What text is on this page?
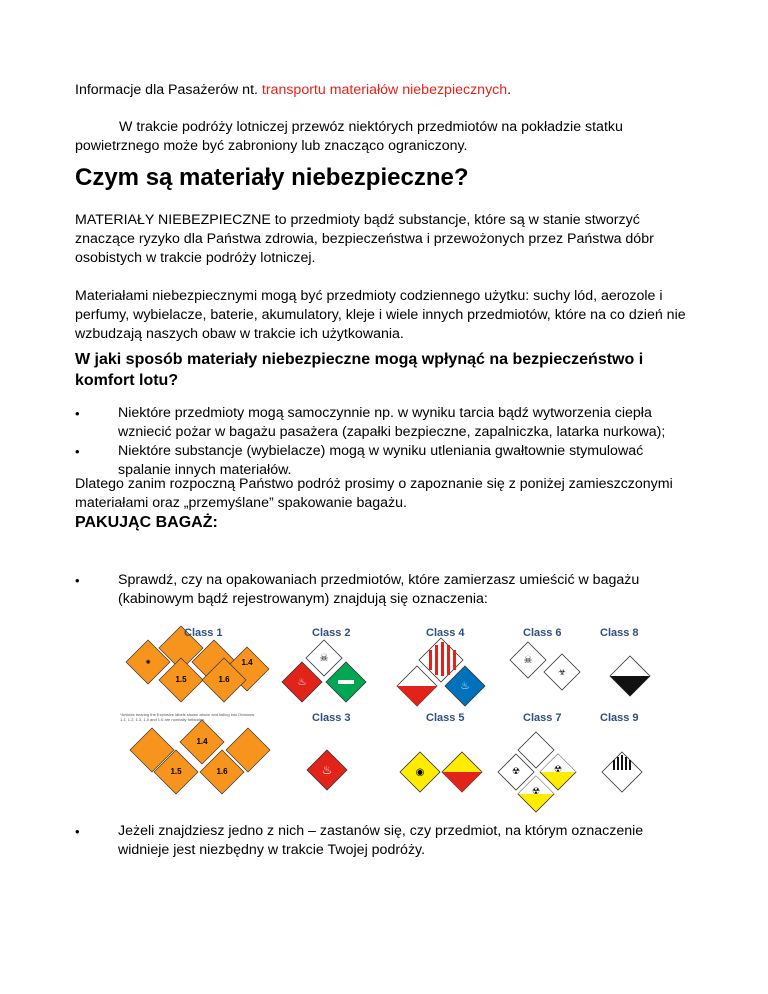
Informacje dla Pasażerów nt. transportu materiałów niebezpiecznych.

W trakcie podróży lotniczej przewóz niektórych przedmiotów na pokładzie statku powietrznego może być zabroniony lub znacząco ograniczony.

Czym są materiały niebezpieczne?

MATERIAŁY NIEBEZPIECZNE to przedmioty bądź substancje, które są w stanie stworzyć znaczące ryzyko dla Państwa zdrowia, bezpieczeństwa i przewożonych przez Państwa dóbr osobistych w trakcie podróży lotniczej.

Materiałami niebezpiecznymi mogą być przedmioty codziennego użytku: suchy lód, aerozole i perfumy, wybielacze, baterie, akumulatory, kleje i wiele innych przedmiotów, które na co dzień nie wzbudzają naszych obaw w trakcie ich użytkowania.

W jaki sposób materiały niebezpieczne mogą wpłynąć na bezpieczeństwo i komfort lotu?
• Niektóre przedmioty mogą samoczynnie np. w wyniku tarcia bądź wytworzenia ciepła wzniecić pożar w bagażu pasażera (zapałki bezpieczne, zapalniczka, latarka nurkowa);
• Niektóre substancje (wybielacze) mogą w wyniku utleniania gwałtownie stymulować spalanie innych materiałów.

Dlatego zanim rozpoczną Państwo podróż prosimy o zapoznanie się z poniżej zamieszczonymi materiałami oraz „przemyślane” spakowanie bagażu.

PAKUJĄC BAGAŻ:
• Sprawdź, czy na opakowaniach przedmiotów, które zamierzasz umieścić w bagażu (kabinowym bądź rejestrowanym) znajdują się oznaczenia:
✺	1.4
1.5	1.6
1.4
1.5	1.6
☠
♨
♨
♨
◉
☠
☣
☢	☢
☢
Class 1	Class 2	Class 4	Class 6	Class 8
Class 3	Class 5	Class 7	Class 9
*Articles bearing the Explosive labels shown above and falling into Divisions 1.1, 1.2, 1.3, 1.5 and 1.6 are normally forbidden.
• Jeżeli znajdziesz jedno z nich – zastanów się, czy przedmiot, na którym oznaczenie widnieje jest niezbędny w trakcie Twojej podróży.
